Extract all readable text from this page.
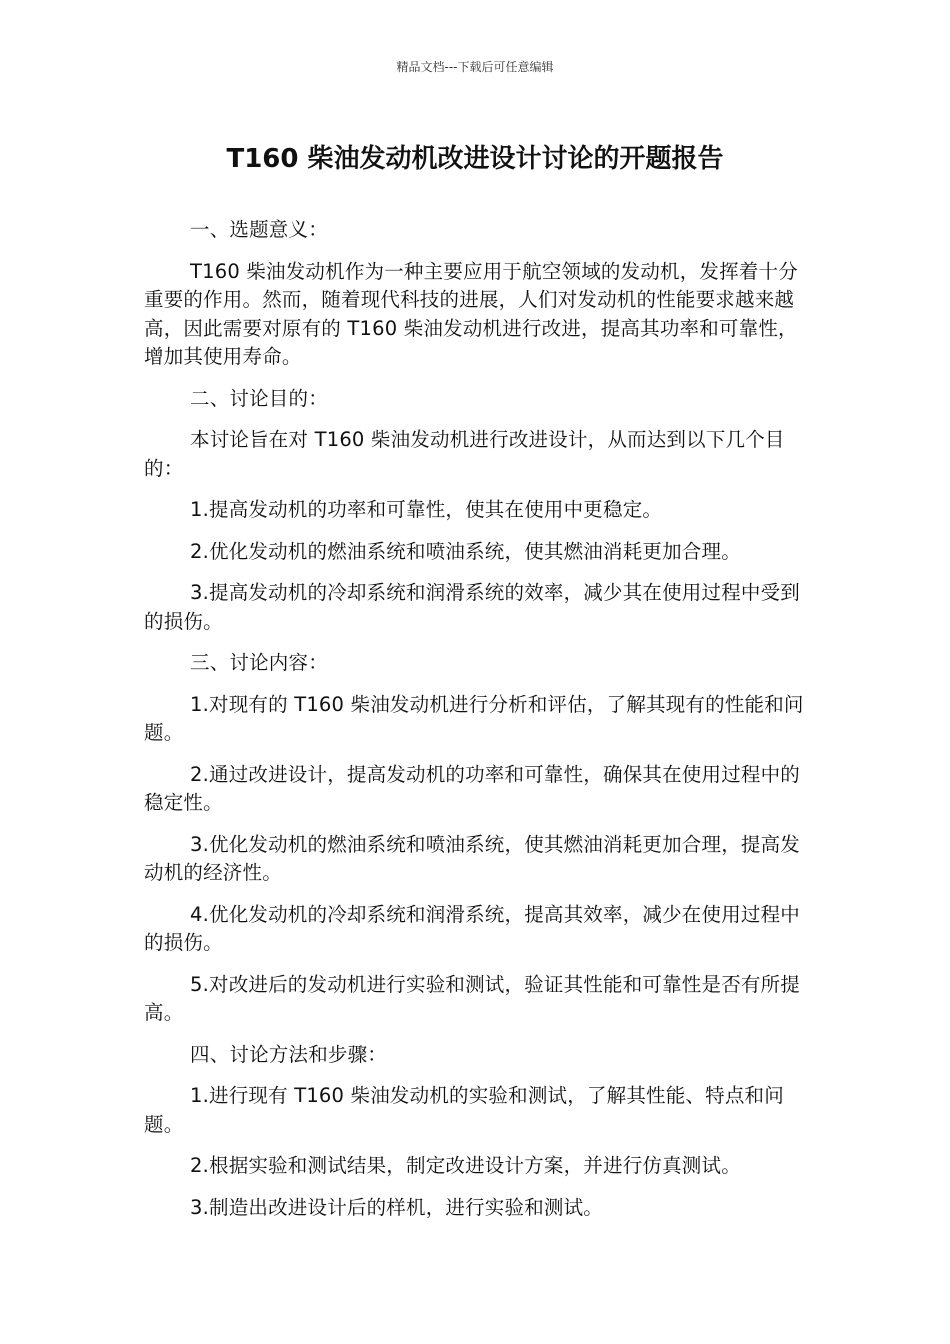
精品文档---下载后可任意编辑
T160 柴油发动机改进设计讨论的开题报告

一、选题意义：

T160 柴油发动机作为一种主要应用于航空领域的发动机，发挥着十分重要的作用。然而，随着现代科技的进展，人们对发动机的性能要求越来越高，因此需要对原有的 T160 柴油发动机进行改进，提高其功率和可靠性，增加其使用寿命。

二、讨论目的：

本讨论旨在对 T160 柴油发动机进行改进设计，从而达到以下几个目的：

1.提高发动机的功率和可靠性，使其在使用中更稳定。

2.优化发动机的燃油系统和喷油系统，使其燃油消耗更加合理。

3.提高发动机的冷却系统和润滑系统的效率，减少其在使用过程中受到的损伤。

三、讨论内容：

1.对现有的 T160 柴油发动机进行分析和评估，了解其现有的性能和问题。

2.通过改进设计，提高发动机的功率和可靠性，确保其在使用过程中的稳定性。

3.优化发动机的燃油系统和喷油系统，使其燃油消耗更加合理，提高发动机的经济性。

4.优化发动机的冷却系统和润滑系统，提高其效率，减少在使用过程中的损伤。

5.对改进后的发动机进行实验和测试，验证其性能和可靠性是否有所提高。

四、讨论方法和步骤：

1.进行现有 T160 柴油发动机的实验和测试，了解其性能、特点和问题。

2.根据实验和测试结果，制定改进设计方案，并进行仿真测试。

3.制造出改进设计后的样机，进行实验和测试。
